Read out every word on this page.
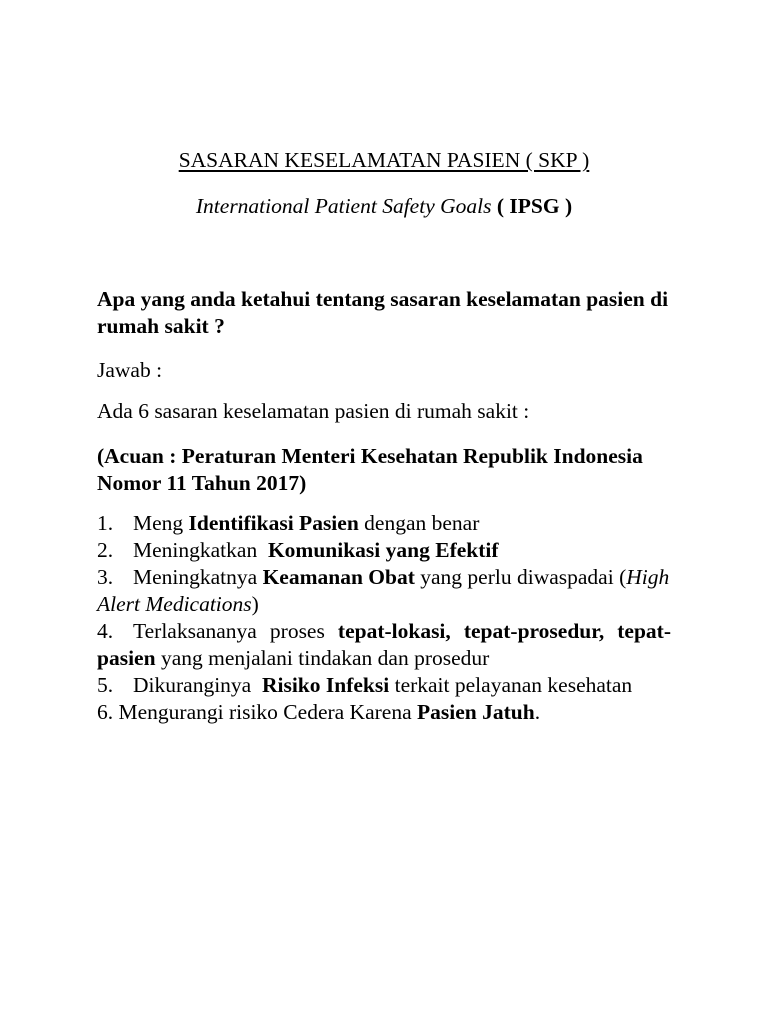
SASARAN KESELAMATAN PASIEN ( SKP )
International Patient Safety Goals ( IPSG )
Apa yang anda ketahui tentang sasaran keselamatan pasien di rumah sakit ?
Jawab :
Ada 6 sasaran keselamatan pasien di rumah sakit :
(Acuan : Peraturan Menteri Kesehatan Republik Indonesia Nomor 11 Tahun 2017)
1. Meng Identifikasi Pasien dengan benar
2. Meningkatkan  Komunikasi yang Efektif
3. Meningkatnya Keamanan Obat yang perlu diwaspadai (High Alert Medications)
4. Terlaksananya proses tepat-lokasi, tepat-prosedur, tepat-pasien yang menjalani tindakan dan prosedur
5. Dikuranginya  Risiko Infeksi terkait pelayanan kesehatan
6. Mengurangi risiko Cedera Karena Pasien Jatuh.
